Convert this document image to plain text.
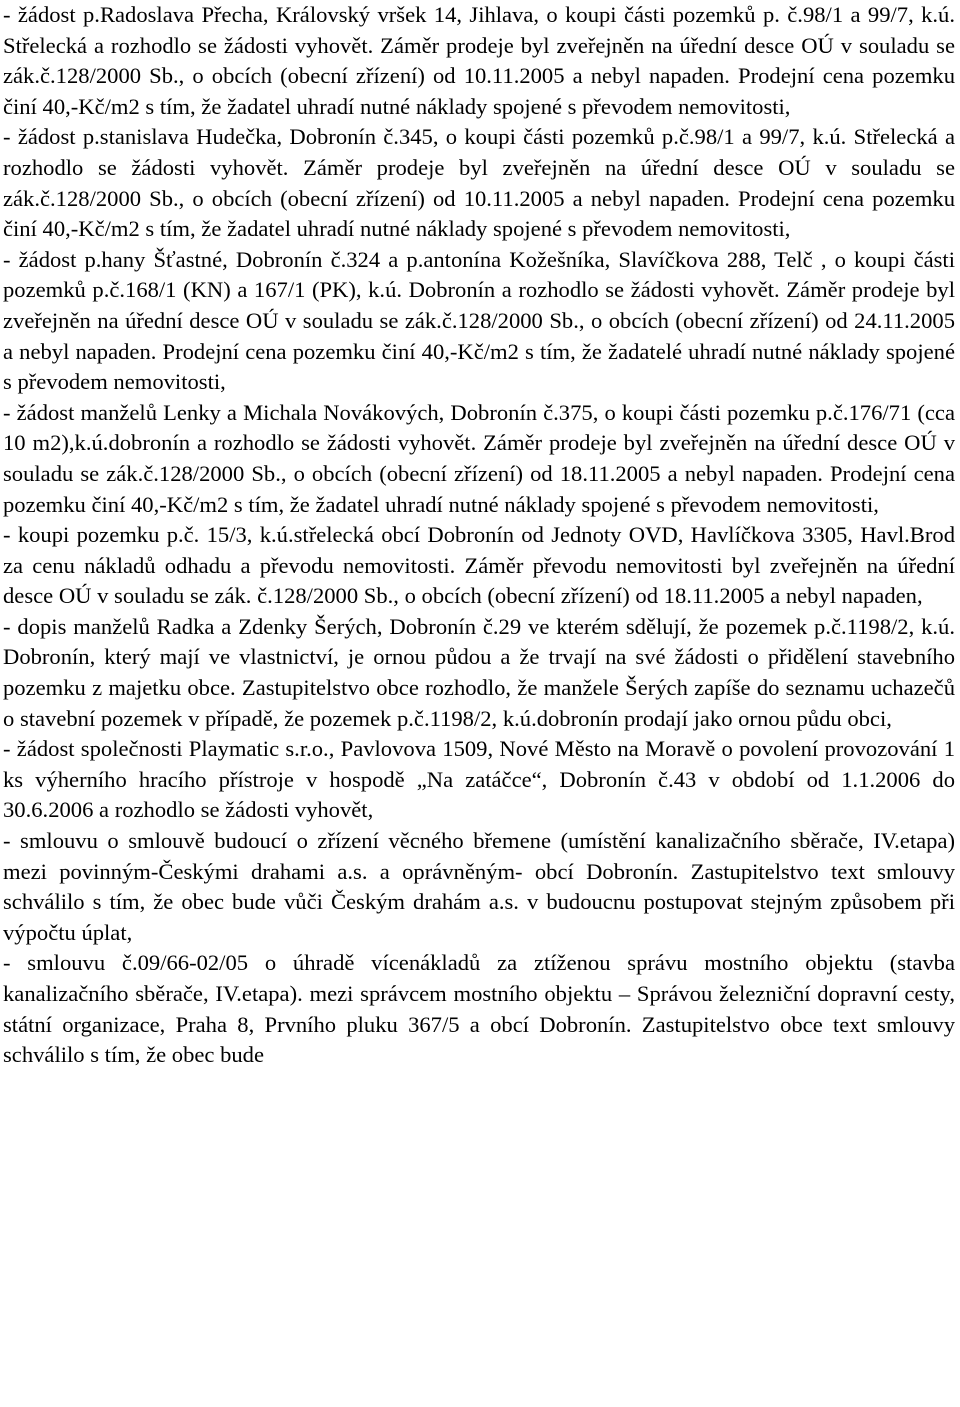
- žádost p.Radoslava Přecha, Královský vršek 14, Jihlava, o koupi části pozemků p. č.98/1 a 99/7, k.ú. Střelecká a rozhodlo se žádosti vyhovět. Záměr prodeje byl zveřejněn na úřední desce OÚ v souladu se zák.č.128/2000 Sb., o obcích (obecní zřízení) od 10.11.2005 a nebyl napaden. Prodejní cena pozemku činí 40,-Kč/m2 s tím, že žadatel uhradí nutné náklady spojené s převodem nemovitosti,

- žádost p.stanislava Hudečka, Dobronín č.345, o koupi části pozemků p.č.98/1 a 99/7, k.ú. Střelecká a rozhodlo se žádosti vyhovět. Záměr prodeje byl zveřejněn na úřední desce OÚ v souladu se zák.č.128/2000 Sb., o obcích (obecní zřízení) od 10.11.2005 a nebyl napaden. Prodejní cena pozemku činí 40,-Kč/m2 s tím, že žadatel uhradí nutné náklady spojené s převodem nemovitosti,

- žádost p.hany Šťastné, Dobronín č.324 a p.antonína Kožešníka, Slavíčkova 288, Telč , o koupi části pozemků p.č.168/1 (KN) a 167/1 (PK), k.ú. Dobronín a rozhodlo se žádosti vyhovět. Záměr prodeje byl zveřejněn na úřední desce OÚ v souladu se zák.č.128/2000 Sb., o obcích (obecní zřízení) od 24.11.2005 a nebyl napaden. Prodejní cena pozemku činí 40,-Kč/m2 s tím, že žadatelé uhradí nutné náklady spojené s převodem nemovitosti,

- žádost manželů Lenky a Michala Novákových, Dobronín č.375, o koupi části pozemku p.č.176/71 (cca 10 m2),k.ú.dobronín a rozhodlo se žádosti vyhovět. Záměr prodeje byl zveřejněn na úřední desce OÚ v souladu se zák.č.128/2000 Sb., o obcích (obecní zřízení) od 18.11.2005 a nebyl napaden. Prodejní cena pozemku činí 40,-Kč/m2 s tím, že žadatel uhradí nutné náklady spojené s převodem nemovitosti,

- koupi pozemku p.č. 15/3, k.ú.střelecká obcí Dobronín od Jednoty OVD, Havlíčkova 3305, Havl.Brod za cenu nákladů odhadu a převodu nemovitosti. Záměr převodu nemovitosti byl zveřejněn na úřední desce OÚ v souladu se zák. č.128/2000 Sb., o obcích (obecní zřízení) od 18.11.2005 a nebyl napaden,

- dopis manželů Radka a Zdenky Šerých, Dobronín č.29 ve kterém sdělují, že pozemek p.č.1198/2, k.ú. Dobronín, který mají ve vlastnictví, je ornou půdou a že trvají na své žádosti o přidělení stavebního pozemku z majetku obce. Zastupitelstvo obce rozhodlo, že manžele Šerých zapíše do seznamu uchazečů o stavební pozemek v případě, že pozemek p.č.1198/2, k.ú.dobronín prodají jako ornou půdu obci,

- žádost společnosti Playmatic s.r.o., Pavlovova 1509, Nové Město na Moravě o povolení provozování 1 ks výherního hracího přístroje v hospodě „Na zatáčce“, Dobronín č.43 v období od 1.1.2006 do 30.6.2006 a rozhodlo se žádosti vyhovět,

- smlouvu o smlouvě budoucí o zřízení věcného břemene (umístění kanalizačního sběrače, IV.etapa) mezi povinným-Českými drahami a.s. a oprávněným- obcí Dobronín. Zastupitelstvo text smlouvy schválilo s tím, že obec bude vůči Českým drahám a.s. v budoucnu postupovat stejným způsobem při výpočtu úplat,

- smlouvu č.09/66-02/05 o úhradě vícenákladů za ztíženou správu mostního objektu (stavba kanalizačního sběrače, IV.etapa). mezi správcem mostního objektu – Správou železniční dopravní cesty, státní organizace, Praha 8, Prvního pluku 367/5 a obcí Dobronín. Zastupitelstvo obce text smlouvy schválilo s tím, že obec bude
